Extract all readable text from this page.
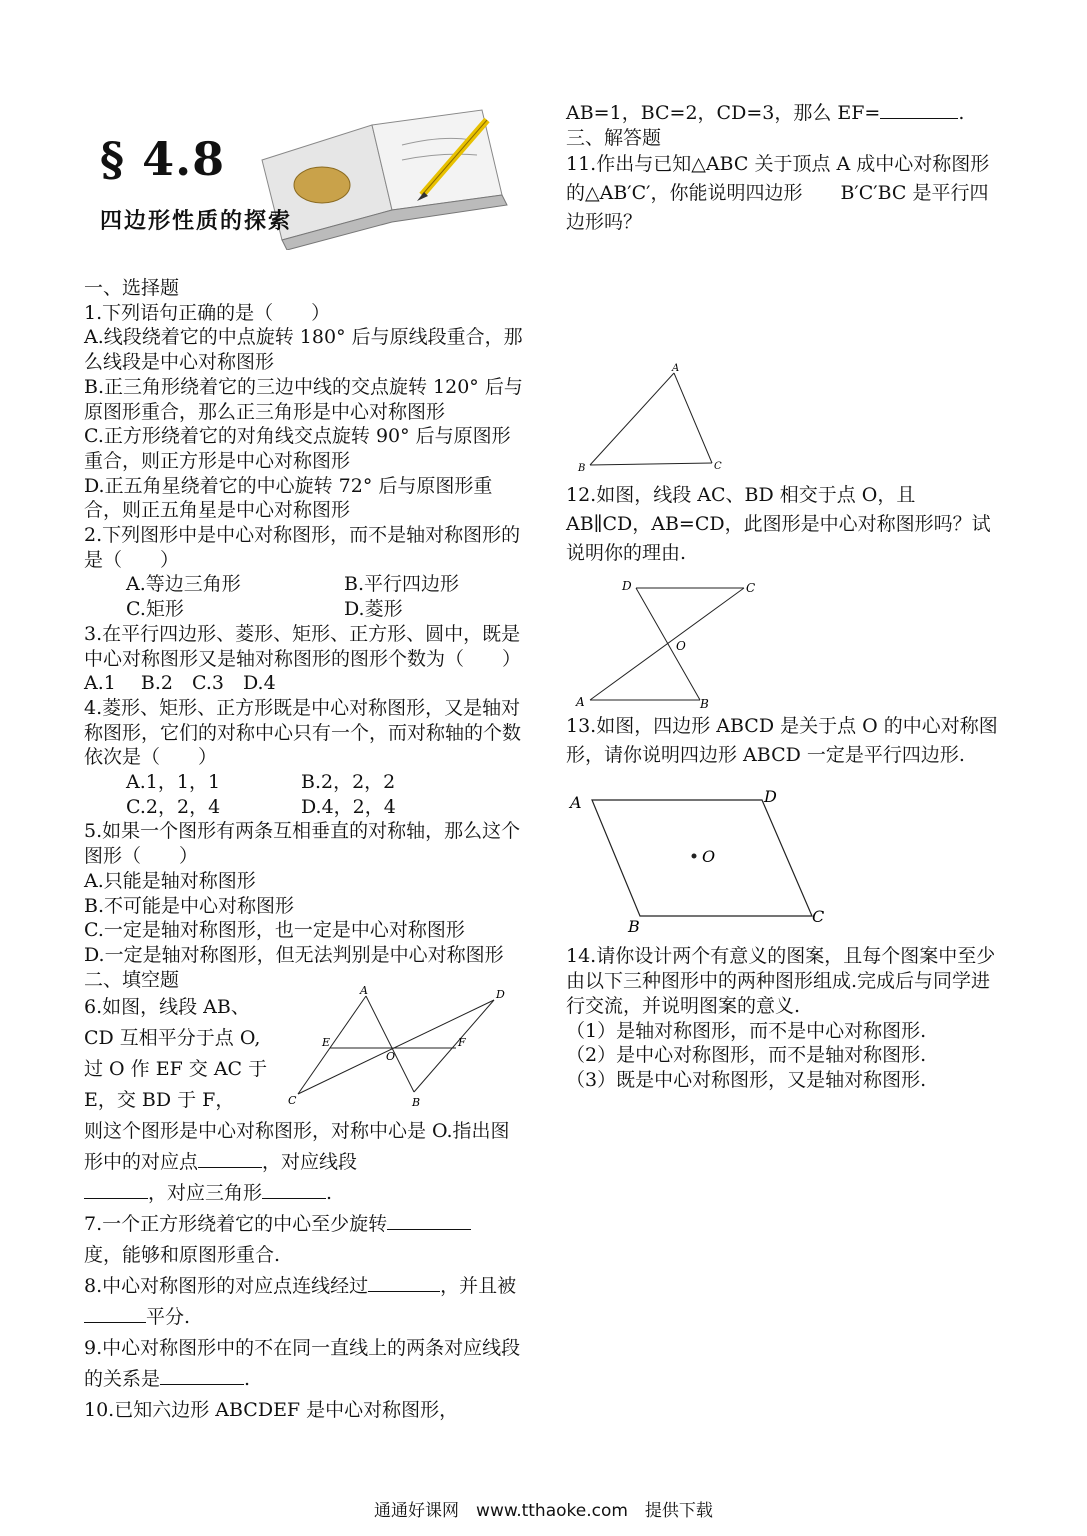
§ 4.8
四边形性质的探索

一、选择题

1.下列语句正确的是（　　）

A.线段绕着它的中点旋转 180° 后与原线段重合，那么线段是中心对称图形

B.正三角形绕着它的三边中线的交点旋转 120° 后与原图形重合，那么正三角形是中心对称图形

C.正方形绕着它的对角线交点旋转 90° 后与原图形重合，则正方形是中心对称图形

D.正五角星绕着它的中心旋转 72° 后与原图形重合，则正五角星是中心对称图形

2.下列图形中是中心对称图形，而不是轴对称图形的是（　　）

A.等边三角形	B.平行四边形
C.矩形	D.菱形

3.在平行四边形、菱形、矩形、正方形、圆中，既是中心对称图形又是轴对称图形的图形个数为（　　）A.1　 B.2　C.3　D.4

4.菱形、矩形、正方形既是中心对称图形，又是轴对称图形，它们的对称中心只有一个，而对称轴的个数依次是（　　）

A.1，1，1	B.2，2，2
C.2，2，4	D.4，2，4

5.如果一个图形有两条互相垂直的对称轴，那么这个图形（　　）

A.只能是轴对称图形

B.不可能是中心对称图形

C.一定是轴对称图形，也一定是中心对称图形

D.一定是轴对称图形，但无法判别是中心对称图形

二、填空题

6.如图，线段 AB、CD 互相平分于点 O,过 O 作 EF 交 AC 于 E，交 BD 于 F，
A	D
E	F
O
C	B
则这个图形是中心对称图形，对称中心是 O.指出图形中的对应点	，对应线段
，对应三角形	.
7.一个正方形绕着它的中心至少旋转
度，能够和原图形重合.
8.中心对称图形的对应点连线经过	，并且被平分.
9.中心对称图形中的不在同一直线上的两条对应线段的关系是	.

10.已知六边形 ABCDEF 是中心对称图形，

AB=1，BC=2，CD=3，那么 EF=	.

三、解答题

11.作出与已知△ABC 关于顶点 A 成中心对称图形的△AB′C′，你能说明四边形　　B′C′BC 是平行四边形吗？

A
B	C

12.如图，线段 AC、BD 相交于点 O，且 AB∥CD，AB=CD，此图形是中心对称图形吗？试说明你的理由.

D	C
O
A	B

13.如图，四边形 ABCD 是关于点 O 的中心对称图形，请你说明四边形 ABCD 一定是平行四边形.

A	D
O
B
C

14.请你设计两个有意义的图案，且每个图案中至少由以下三种图形中的两种图形组成.完成后与同学进行交流，并说明图案的意义.

（1）是轴对称图形，而不是中心对称图形.

（2）是中心对称图形，而不是轴对称图形.

（3）既是中心对称图形，又是轴对称图形.

通通好课网　www.tthaoke.com　提供下载
